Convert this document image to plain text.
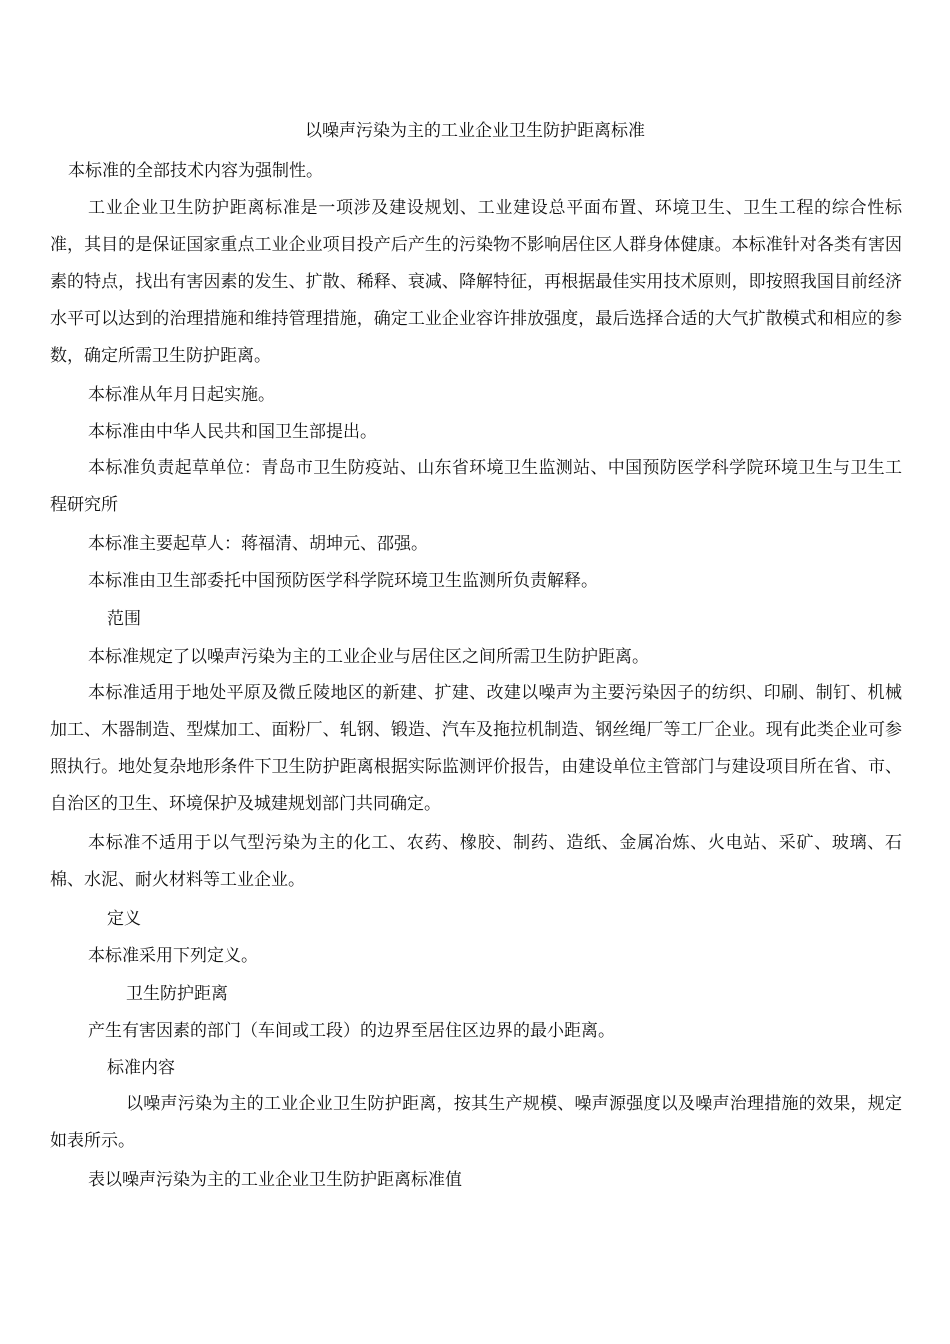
以噪声污染为主的工业企业卫生防护距离标准

本标准的全部技术内容为强制性。

工业企业卫生防护距离标准是一项涉及建设规划、工业建设总平面布置、环境卫生、卫生工程的综合性标准，其目的是保证国家重点工业企业项目投产后产生的污染物不影响居住区人群身体健康。本标准针对各类有害因素的特点，找出有害因素的发生、扩散、稀释、衰减、降解特征，再根据最佳实用技术原则，即按照我国目前经济水平可以达到的治理措施和维持管理措施，确定工业企业容许排放强度，最后选择合适的大气扩散模式和相应的参数，确定所需卫生防护距离。

本标准从年月日起实施。

本标准由中华人民共和国卫生部提出。

本标准负责起草单位：青岛市卫生防疫站、山东省环境卫生监测站、中国预防医学科学院环境卫生与卫生工程研究所

本标准主要起草人：蒋福清、胡坤元、邵强。

本标准由卫生部委托中国预防医学科学院环境卫生监测所负责解释。

范围

本标准规定了以噪声污染为主的工业企业与居住区之间所需卫生防护距离。

本标准适用于地处平原及微丘陵地区的新建、扩建、改建以噪声为主要污染因子的纺织、印刷、制钉、机械加工、木器制造、型煤加工、面粉厂、轧钢、锻造、汽车及拖拉机制造、钢丝绳厂等工厂企业。现有此类企业可参照执行。地处复杂地形条件下卫生防护距离根据实际监测评价报告，由建设单位主管部门与建设项目所在省、市、自治区的卫生、环境保护及城建规划部门共同确定。

本标准不适用于以气型污染为主的化工、农药、橡胶、制药、造纸、金属冶炼、火电站、采矿、玻璃、石棉、水泥、耐火材料等工业企业。

定义

本标准采用下列定义。

卫生防护距离

产生有害因素的部门（车间或工段）的边界至居住区边界的最小距离。

标准内容

以噪声污染为主的工业企业卫生防护距离，按其生产规模、噪声源强度以及噪声治理措施的效果，规定如表所示。

表以噪声污染为主的工业企业卫生防护距离标准值
